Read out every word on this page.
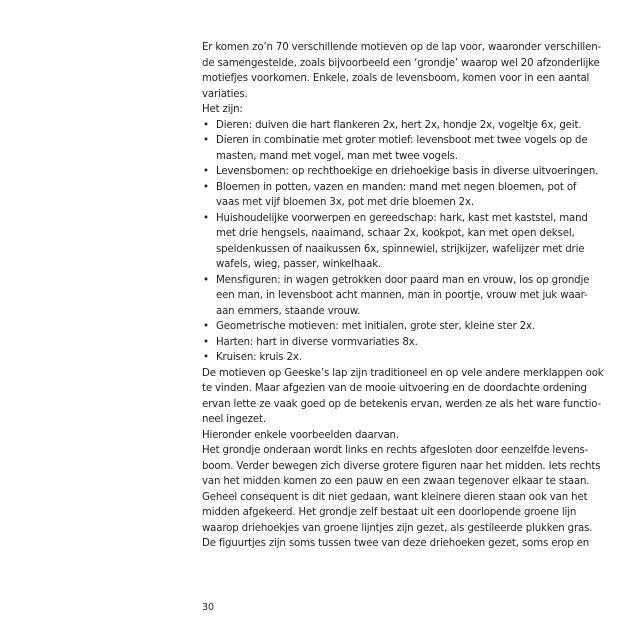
Er komen zo’n 70 verschillende motieven op de lap voor, waaronder verschillen-
de samengestelde, zoals bijvoorbeeld een ‘grondje’ waarop wel 20 afzonderlijke
motiefjes voorkomen. Enkele, zoals de levensboom, komen voor in een aantal
variaties.
Het zijn:
• Dieren: duiven die hart flankeren 2x, hert 2x, hondje 2x, vogeltje 6x, geit.
• Dieren in combinatie met groter motief: levensboot met twee vogels op de
masten, mand met vogel, man met twee vogels.
• Levensbomen: op rechthoekige en driehoekige basis in diverse uitvoeringen.
• Bloemen in potten, vazen en manden: mand met negen bloemen, pot of
vaas met vijf bloemen 3x, pot met drie bloemen 2x.
• Huishoudelijke voorwerpen en gereedschap: hark, kast met kaststel, mand
met drie hengsels, naaimand, schaar 2x, kookpot, kan met open deksel,
speldenkussen of naaikussen 6x, spinnewiel, strijkijzer, wafelijzer met drie
wafels, wieg, passer, winkelhaak.
• Mensfiguren: in wagen getrokken door paard man en vrouw, los op grondje
een man, in levensboot acht mannen, man in poortje, vrouw met juk waar-
aan emmers, staande vrouw.
• Geometrische motieven: met initialen, grote ster, kleine ster 2x.
• Harten: hart in diverse vormvariaties 8x.
• Kruisen: kruis 2x.
De motieven op Geeske’s lap zijn traditioneel en op vele andere merklappen ook
te vinden. Maar afgezien van de mooie uitvoering en de doordachte ordening
ervan lette ze vaak goed op de betekenis ervan, werden ze als het ware functio-
neel ingezet.
Hieronder enkele voorbeelden daarvan.
Het grondje onderaan wordt links en rechts afgesloten door eenzelfde levens-
boom. Verder bewegen zich diverse grotere figuren naar het midden. Iets rechts
van het midden komen zo een pauw en een zwaan tegenover elkaar te staan.
Geheel consequent is dit niet gedaan, want kleinere dieren staan ook van het
midden afgekeerd. Het grondje zelf bestaat uit een doorlopende groene lijn
waarop driehoekjes van groene lijntjes zijn gezet, als gestileerde plukken gras.
De figuurtjes zijn soms tussen twee van deze driehoeken gezet, soms erop en
30
